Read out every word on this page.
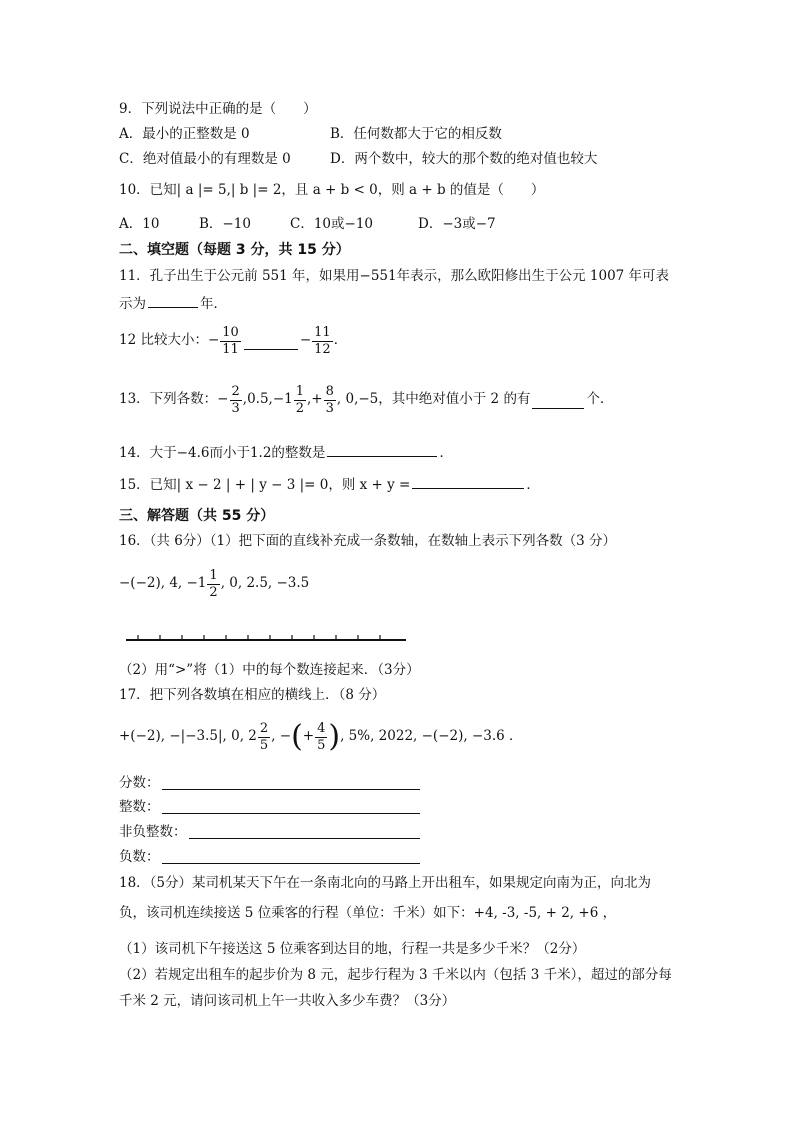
9．下列说法中正确的是（　　）
A．最小的正整数是 0	B．任何数都大于它的相反数
C．绝对值最小的有理数是 0	D．两个数中，较大的那个数的绝对值也较大
10．已知| a |= 5,| b |= 2，且 a + b < 0，则 a + b 的值是（　　）
A．10	B．−10	C．10或−10	D．−3或−7
二、填空题（每题 3 分，共 15 分）
11．孔子出生于公元前 551 年，如果用−551年表示，那么欧阳修出生于公元 1007 年可表
示为	年．
12 比较大小：− $\frac{10}{11}$	− $\frac{11}{12}$ ．
13．下列各数：− $\frac{2}{3} ,0.5,-1 \frac{1}{2}$ ,+ $\frac{8}{3}$ , 0,−5，其中绝对值小于 2 的有	个．
14．大于−4.6而小于1.2的整数是	．
15．已知| x − 2 | + | y − 3 |= 0，则 x + y =	．
三、解答题（共 55 分）
16．（共 6分）（1）把下面的直线补充成一条数轴，在数轴上表示下列各数（3 分）
−(−2), 4, $-1 \frac{1}{2}$ , 0, 2.5, −3.5
（2）用“>”将（1）中的每个数连接起来．（3分）
17．把下列各数填在相应的横线上．（8 分）
+(−2), −|−3.5|, 0, $2 \frac{2}{5}$ , − ( + $\frac{4}{5}$ ) , 5%, 2022, −(−2), −3.6 ．
分数：
整数：
非负整数：
负数：
18．（5分）某司机某天下午在一条南北向的马路上开出租车，如果规定向南为正，向北为
负，该司机连续接送 5 位乘客的行程（单位：千米）如下：+4, -3, -5, + 2, +6 ，
（1）该司机下午接送这 5 位乘客到达目的地，行程一共是多少千米？（2分）
（2）若规定出租车的起步价为 8 元，起步行程为 3 千米以内（包括 3 千米），超过的部分每
千米 2 元，请问该司机上午一共收入多少车费？（3分）
